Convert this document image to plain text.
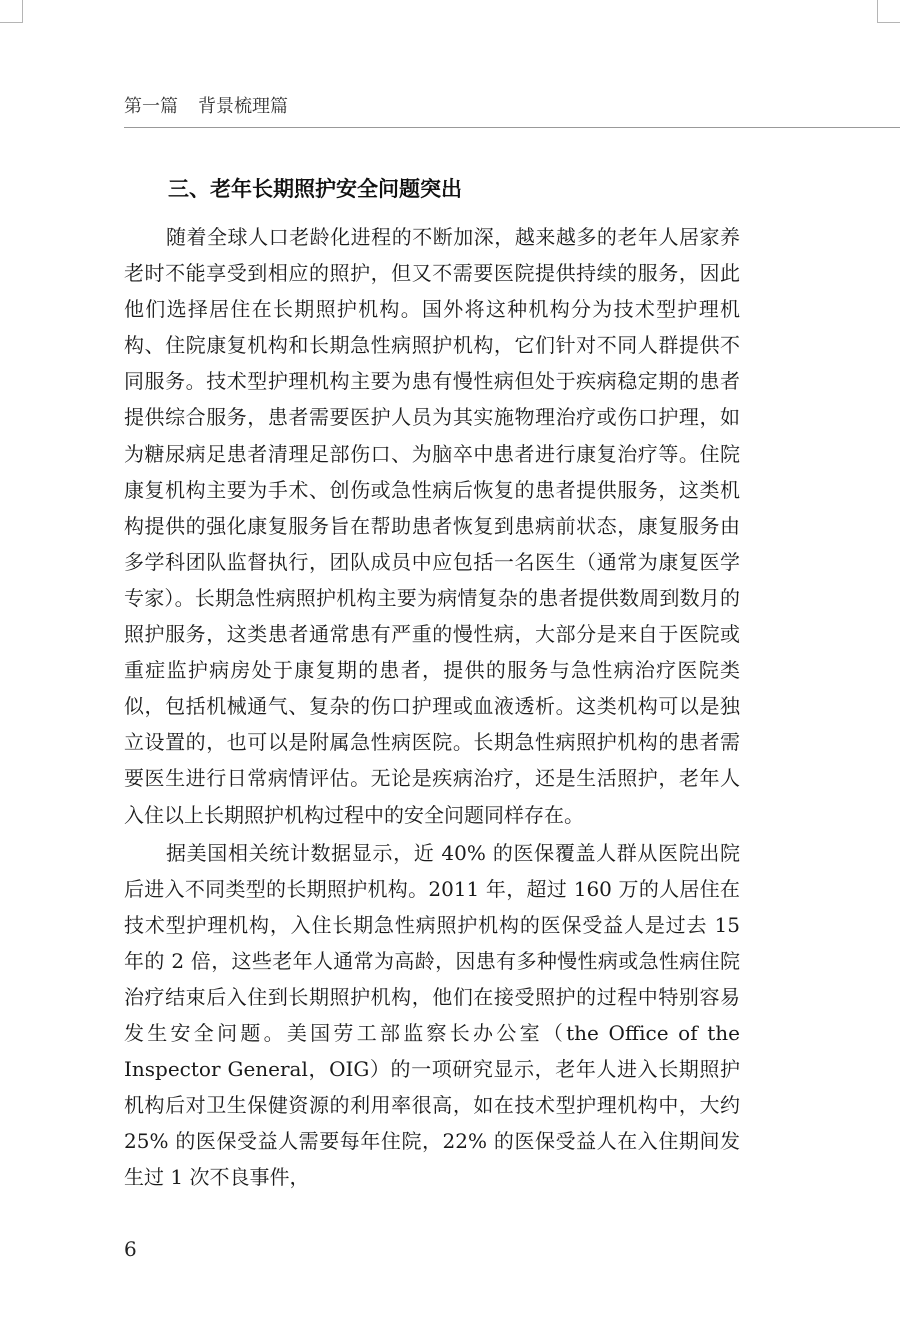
第一篇 背景梳理篇
三、老年长期照护安全问题突出

随着全球人口老龄化进程的不断加深，越来越多的老年人居家养老时不能享受到相应的照护，但又不需要医院提供持续的服务，因此他们选择居住在长期照护机构。国外将这种机构分为技术型护理机构、住院康复机构和长期急性病照护机构，它们针对不同人群提供不同服务。技术型护理机构主要为患有慢性病但处于疾病稳定期的患者提供综合服务，患者需要医护人员为其实施物理治疗或伤口护理，如为糖尿病足患者清理足部伤口、为脑卒中患者进行康复治疗等。住院康复机构主要为手术、创伤或急性病后恢复的患者提供服务，这类机构提供的强化康复服务旨在帮助患者恢复到患病前状态，康复服务由多学科团队监督执行，团队成员中应包括一名医生（通常为康复医学专家）。长期急性病照护机构主要为病情复杂的患者提供数周到数月的照护服务，这类患者通常患有严重的慢性病，大部分是来自于医院或重症监护病房处于康复期的患者，提供的服务与急性病治疗医院类似，包括机械通气、复杂的伤口护理或血液透析。这类机构可以是独立设置的，也可以是附属急性病医院。长期急性病照护机构的患者需要医生进行日常病情评估。无论是疾病治疗，还是生活照护，老年人入住以上长期照护机构过程中的安全问题同样存在。

据美国相关统计数据显示，近 40% 的医保覆盖人群从医院出院后进入不同类型的长期照护机构。2011 年，超过 160 万的人居住在技术型护理机构，入住长期急性病照护机构的医保受益人是过去 15 年的 2 倍，这些老年人通常为高龄，因患有多种慢性病或急性病住院治疗结束后入住到长期照护机构，他们在接受照护的过程中特别容易发生安全问题。美国劳工部监察长办公室（the Office of the Inspector General，OIG）的一项研究显示，老年人进入长期照护机构后对卫生保健资源的利用率很高，如在技术型护理机构中，大约 25% 的医保受益人需要每年住院，22% 的医保受益人在入住期间发生过 1 次不良事件，

6
